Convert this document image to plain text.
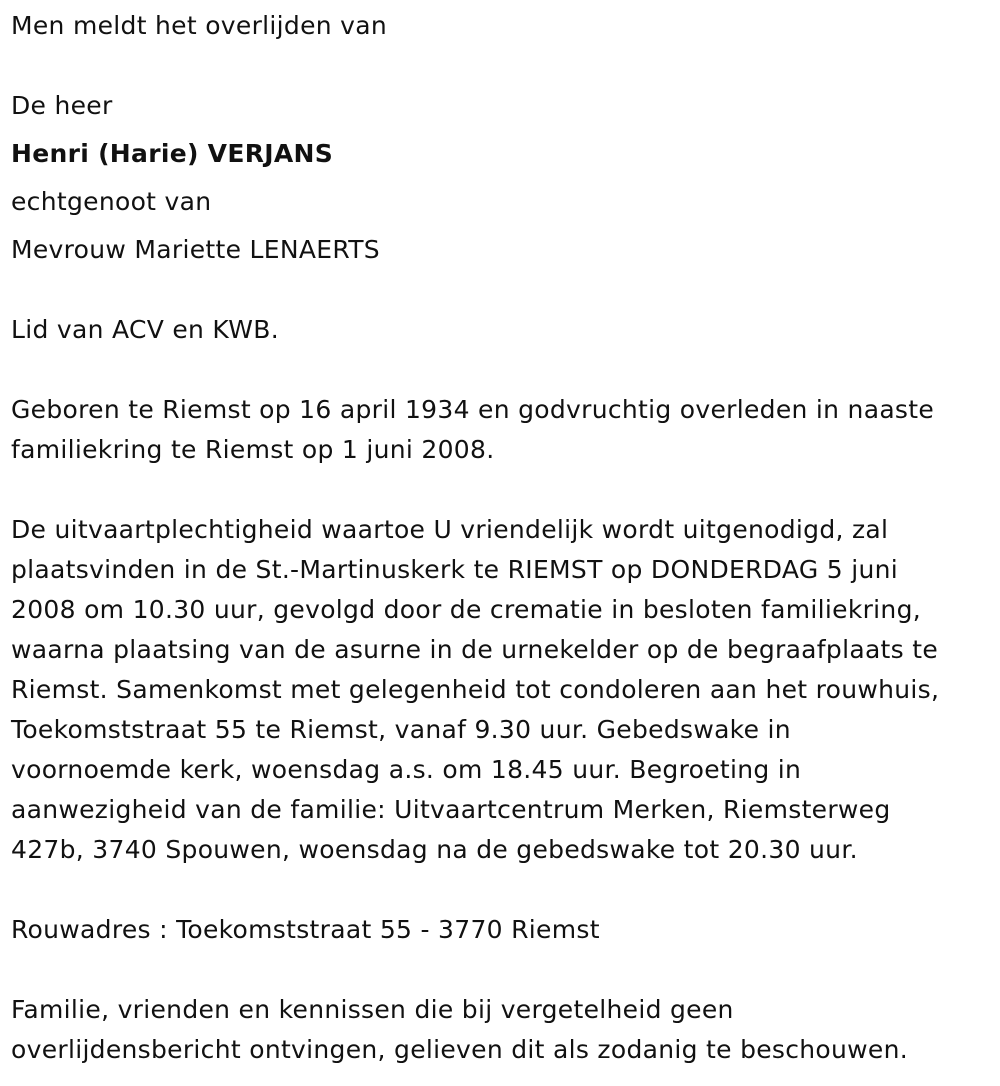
Men meldt het overlijden van
De heer
Henri (Harie) VERJANS
echtgenoot van
Mevrouw Mariette LENAERTS
Lid van ACV en KWB.
Geboren te Riemst op 16 april 1934 en godvruchtig overleden in naaste
familiekring te Riemst op 1 juni 2008.
De uitvaartplechtigheid waartoe U vriendelijk wordt uitgenodigd, zal
plaatsvinden in de St.-Martinuskerk te RIEMST op DONDERDAG 5 juni
2008 om 10.30 uur, gevolgd door de crematie in besloten familiekring,
waarna plaatsing van de asurne in de urnekelder op de begraafplaats te
Riemst. Samenkomst met gelegenheid tot condoleren aan het rouwhuis,
Toekomststraat 55 te Riemst, vanaf 9.30 uur. Gebedswake in
voornoemde kerk, woensdag a.s. om 18.45 uur. Begroeting in
aanwezigheid van de familie: Uitvaartcentrum Merken, Riemsterweg
427b, 3740 Spouwen, woensdag na de gebedswake tot 20.30 uur.
Rouwadres : Toekomststraat 55 - 3770 Riemst
Familie, vrienden en kennissen die bij vergetelheid geen
overlijdensbericht ontvingen, gelieven dit als zodanig te beschouwen.
